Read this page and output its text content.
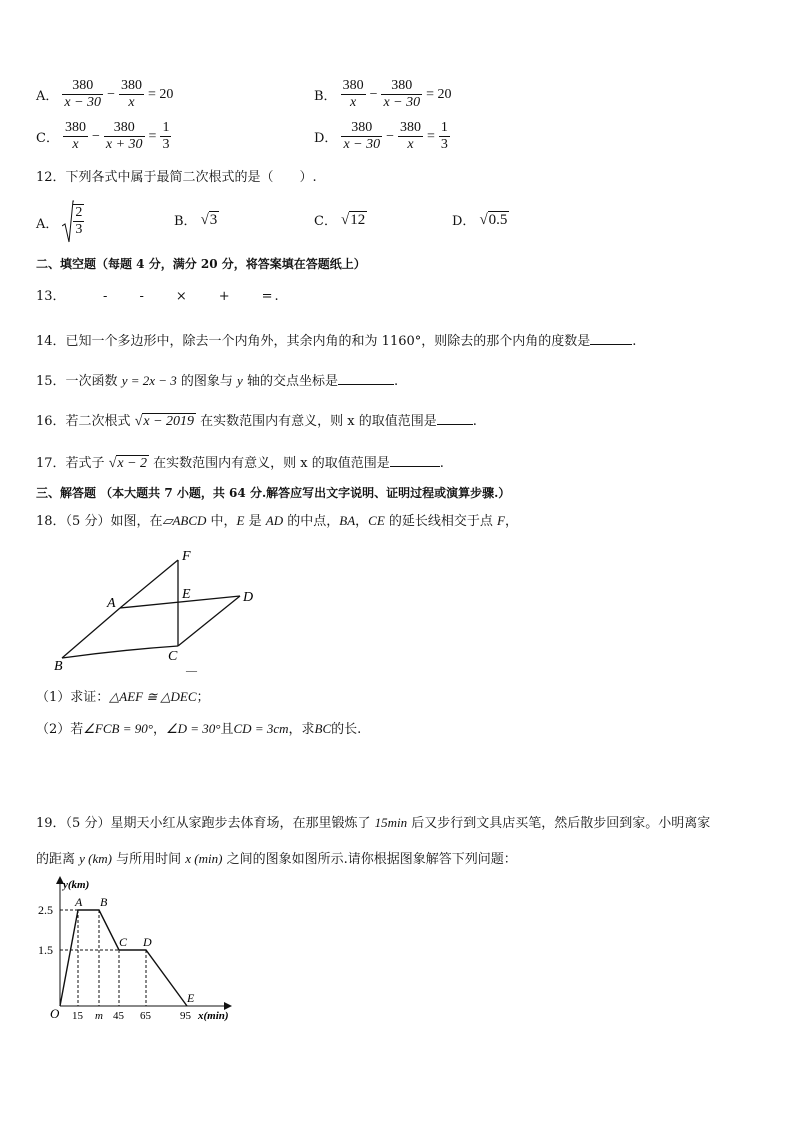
A． $\frac{380}{x - 30} - \frac{380}{x} = 20$	B． $\frac{380}{x} - \frac{380}{x - 30} = 20$
C． $\frac{380}{x} - \frac{380}{x + 30} = \frac{1}{3}$	D． $\frac{380}{x - 30} - \frac{380}{x} = \frac{1}{3}$
12．下列各式中属于最简二次根式的是（　　）.
A． $\frac{2}{3}$	B． √3	C． √12	D． √0.5
二、填空题（每题 4 分，满分 20 分，将答案填在答题纸上）
13．　　-　　-　　×　　+　　=.
14．已知一个多边形中，除去一个内角外，其余内角的和为 1160°，则除去的那个内角的度数是	.
15．一次函数 y = 2x − 3 的图象与 y 轴的交点坐标是	.
16．若二次根式 √x − 2019 在实数范围内有意义，则 x 的取值范围是	.
17．若式子 √x − 2 在实数范围内有意义，则 x 的取值范围是	.
三、解答题 （本大题共 7 小题，共 64 分.解答应写出文字说明、证明过程或演算步骤.）
18．（5 分）如图，在▱ABCD 中，E 是 AD 的中点，BA，CE 的延长线相交于点 F，
F
E	D
A
B
C
—
（1）求证：△AEF ≅ △DEC；
（2）若∠FCB = 90°，∠D = 30°且CD = 3cm，求BC的长.
19．（5 分）星期天小红从家跑步去体育场，在那里锻炼了 15min 后又步行到文具店买笔，然后散步回到家。小明离家
的距离 y (km) 与所用时间 x (min) 之间的图象如图所示.请你根据图象解答下列问题：
y(km)
x(min)
O
2.5
1.5
15 m 45 65	95
A B
C D
E
